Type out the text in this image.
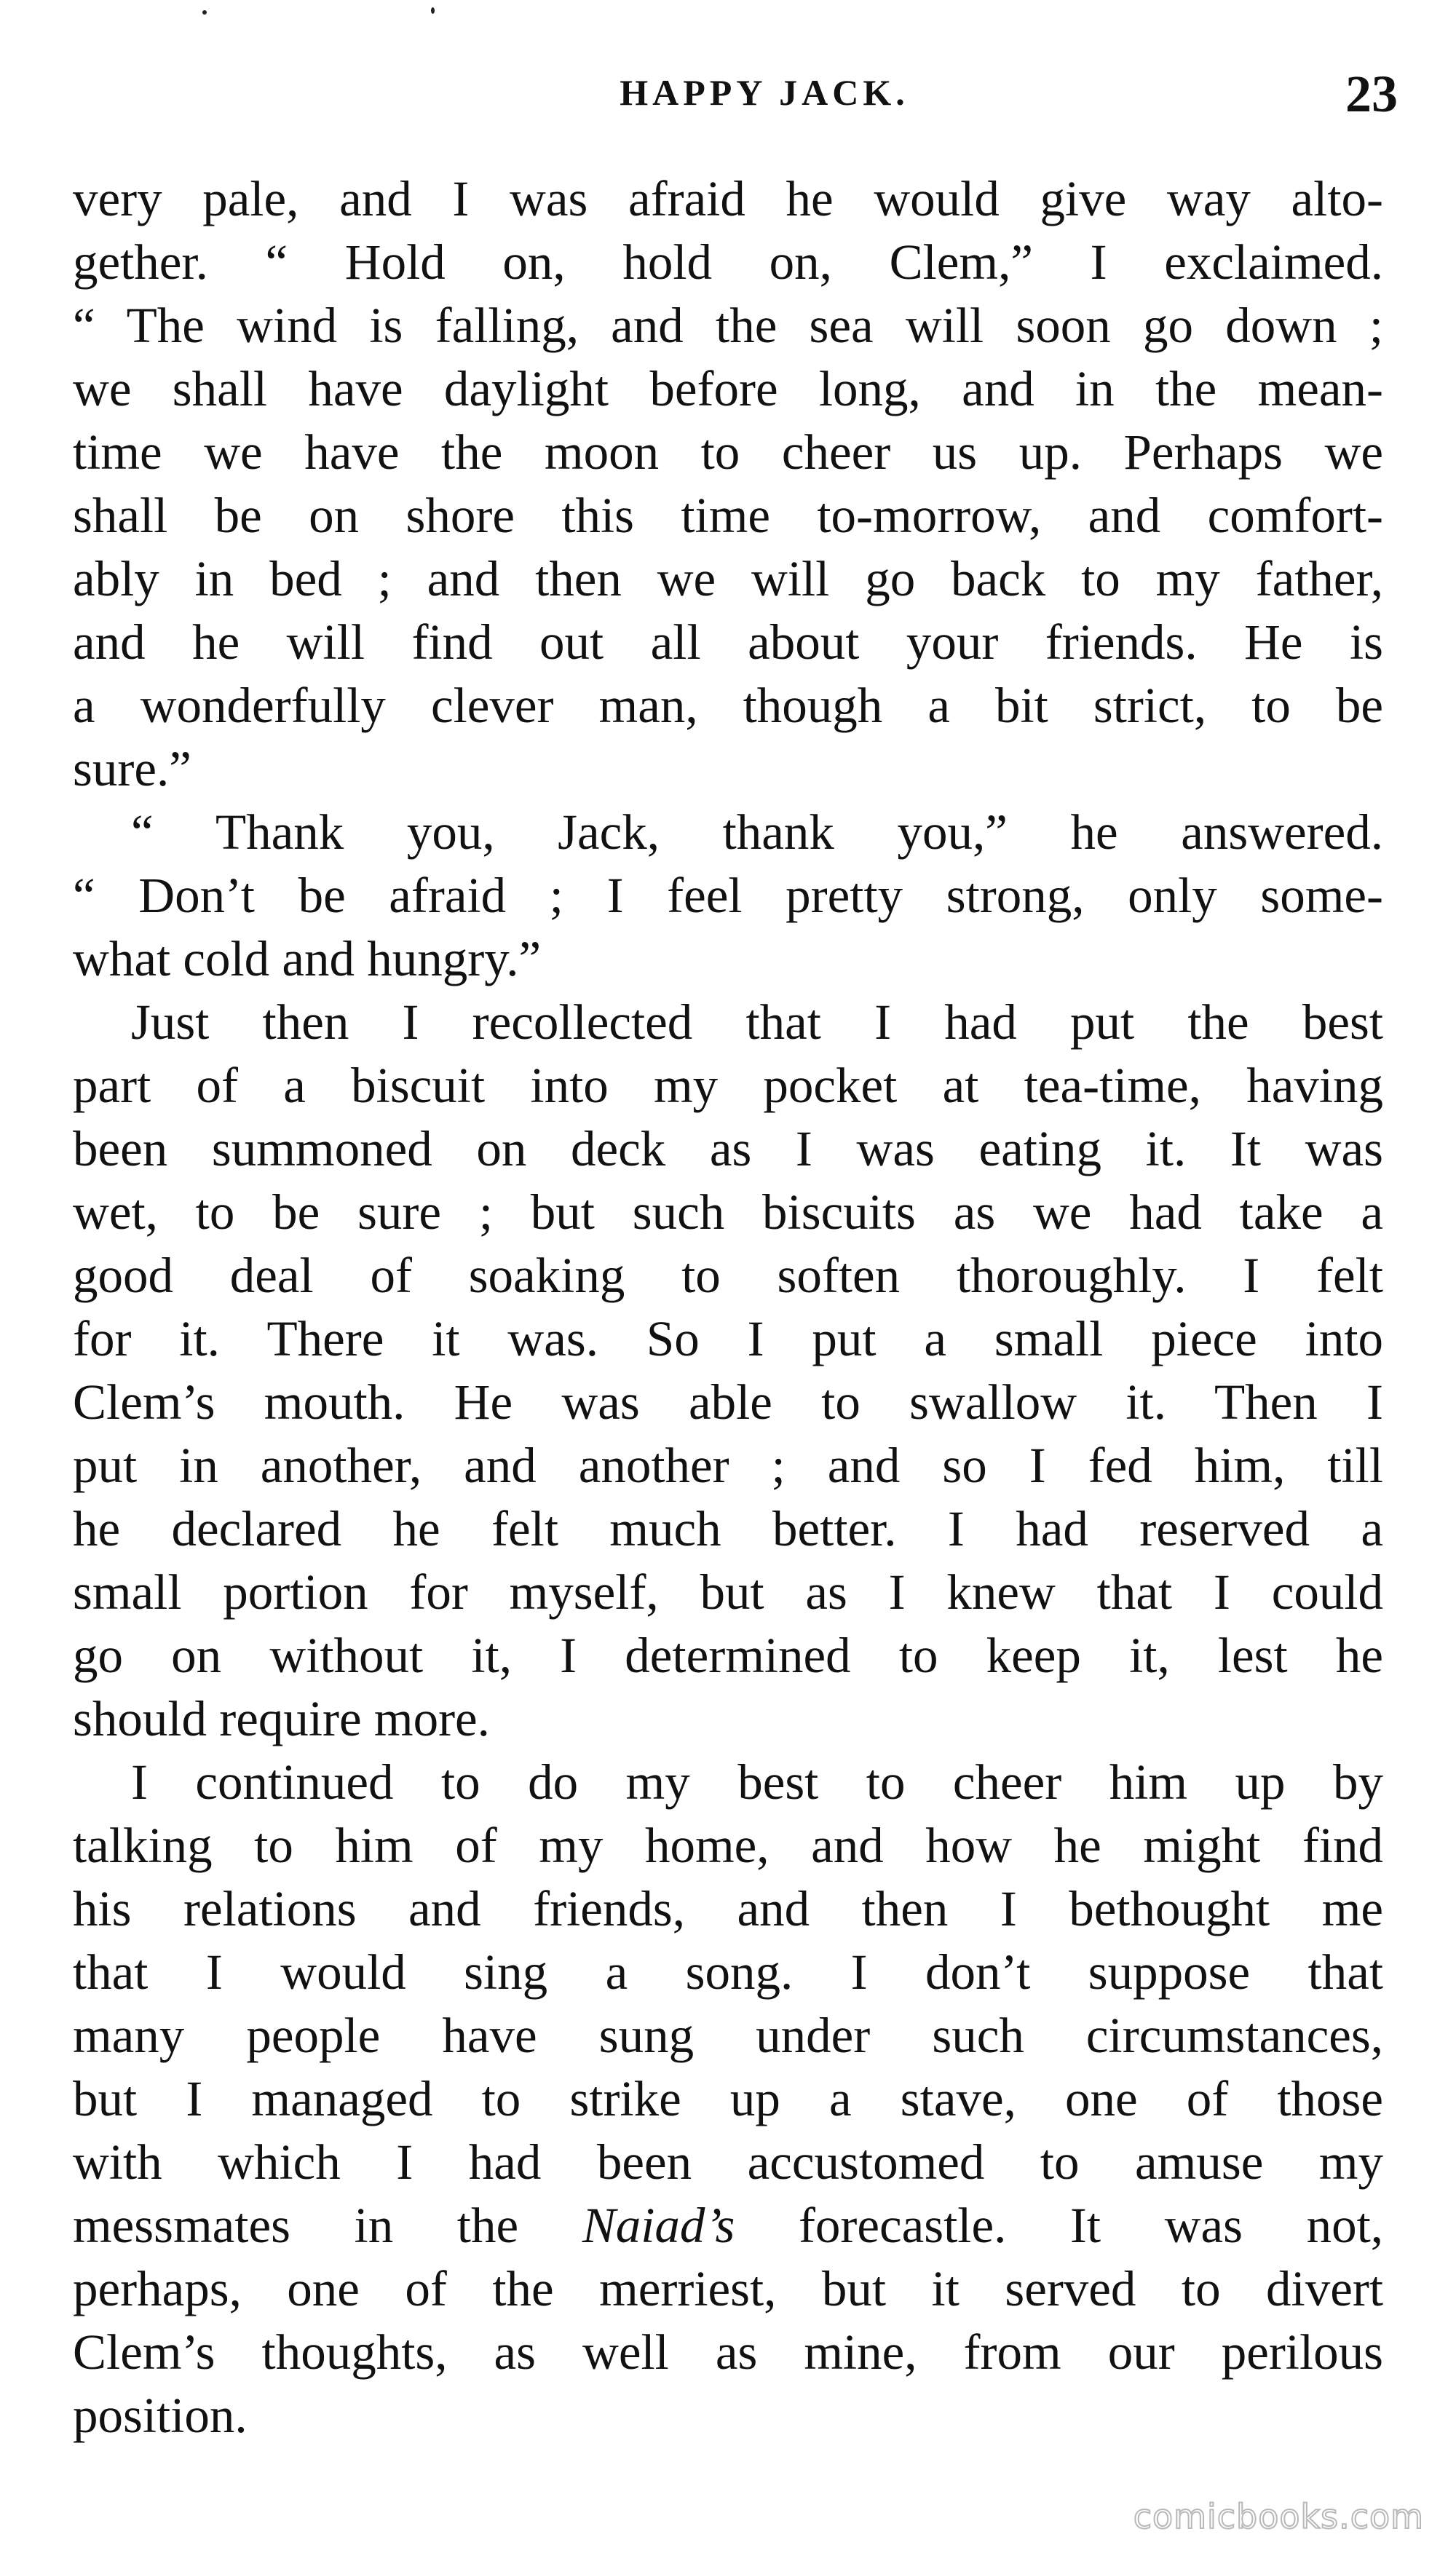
HAPPY JACK.	23
very pale, and I was afraid he would give way alto-
gether. “ Hold on, hold on, Clem,” I exclaimed.
“ The wind is falling, and the sea will soon go down ;
we shall have daylight before long, and in the mean-
time we have the moon to cheer us up. Perhaps we
shall be on shore this time to-morrow, and comfort-
ably in bed ; and then we will go back to my father,
and he will find out all about your friends. He is
a wonderfully clever man, though a bit strict, to be
sure.”
“ Thank you, Jack, thank you,” he answered.
“ Don’t be afraid ; I feel pretty strong, only some-
what cold and hungry.”
Just then I recollected that I had put the best
part of a biscuit into my pocket at tea-time, having
been summoned on deck as I was eating it. It was
wet, to be sure ; but such biscuits as we had take a
good deal of soaking to soften thoroughly. I felt
for it. There it was. So I put a small piece into
Clem’s mouth. He was able to swallow it. Then I
put in another, and another ; and so I fed him, till
he declared he felt much better. I had reserved a
small portion for myself, but as I knew that I could
go on without it, I determined to keep it, lest he
should require more.
I continued to do my best to cheer him up by
talking to him of my home, and how he might find
his relations and friends, and then I bethought me
that I would sing a song. I don’t suppose that
many people have sung under such circumstances,
but I managed to strike up a stave, one of those
with which I had been accustomed to amuse my
messmates in the Naiad’s forecastle. It was not,
perhaps, one of the merriest, but it served to divert
Clem’s thoughts, as well as mine, from our perilous
position.
comicbooks.com
